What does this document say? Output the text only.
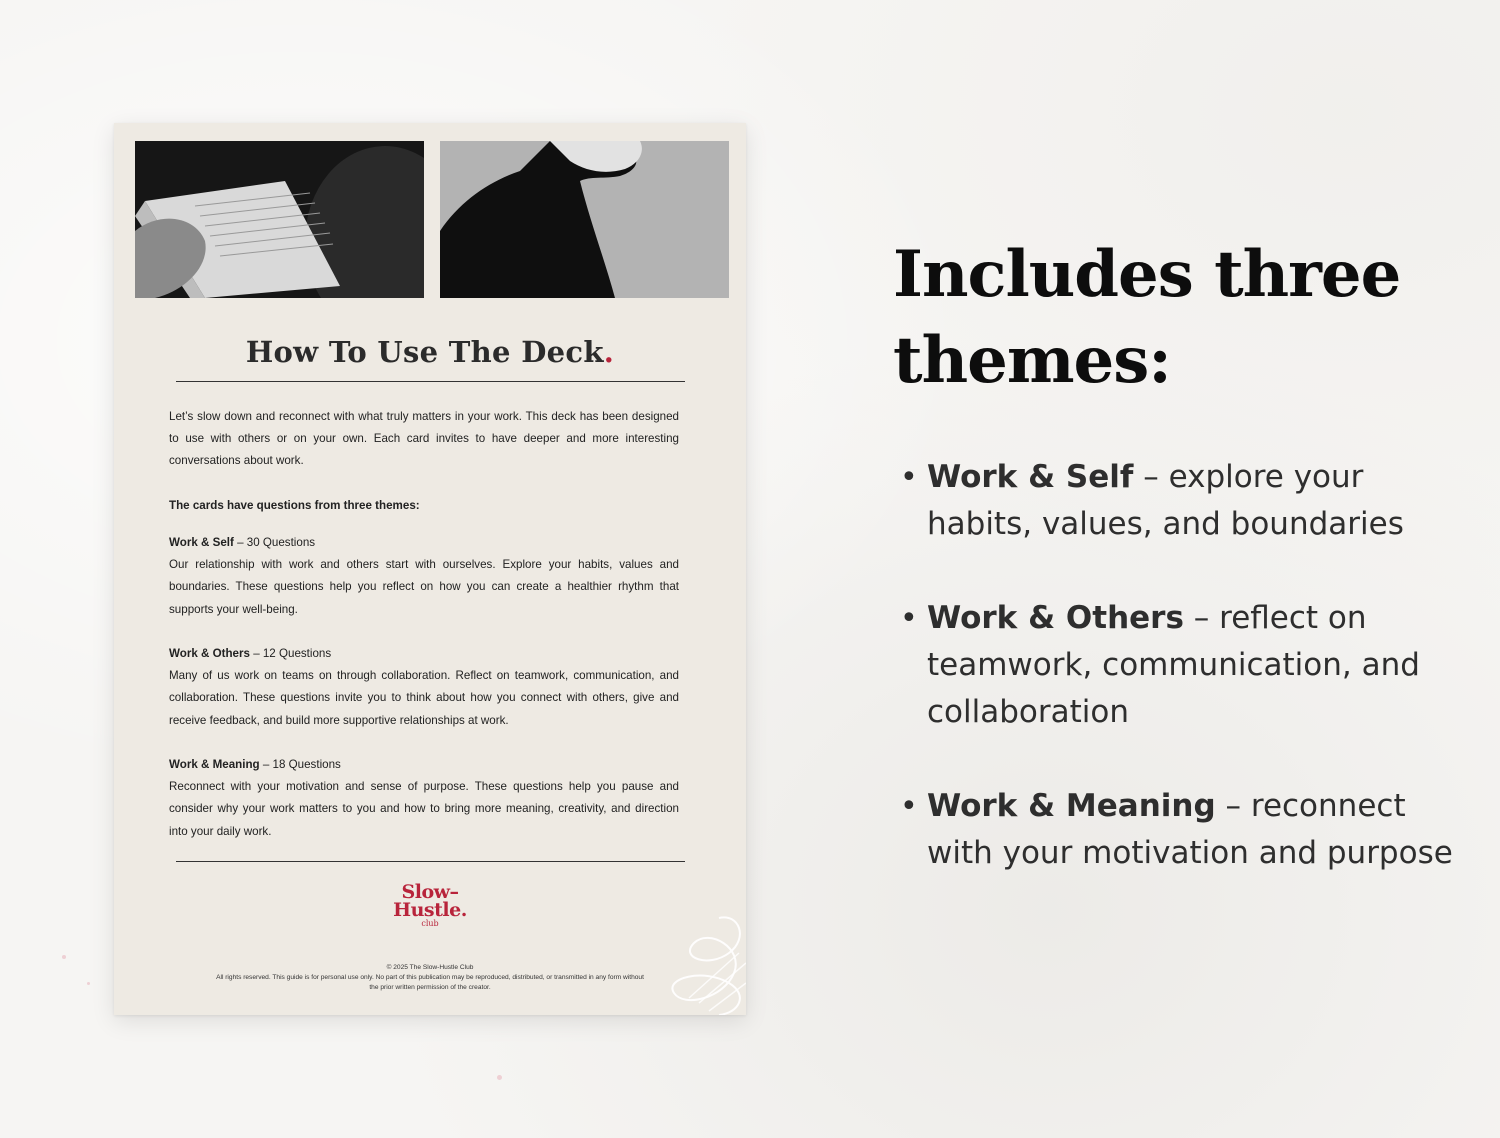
How To Use The Deck.
Let’s slow down and reconnect with what truly matters in your work. This deck has been designed to use with others or on your own. Each card invites to have deeper and more interesting conversations about work.
The cards have questions from three themes:
Work & Self – 30 Questions
Our relationship with work and others start with ourselves. Explore your habits, values and boundaries. These questions help you reflect on how you can create a healthier rhythm that supports your well-being.
Work & Others – 12 Questions
Many of us work on teams on through collaboration. Reflect on teamwork, communication, and collaboration. These questions invite you to think about how you connect with others, give and receive feedback, and build more supportive relationships at work.
Work & Meaning – 18 Questions
Reconnect with your motivation and sense of purpose. These questions help you pause and consider why your work matters to you and how to bring more meaning, creativity, and direction into your daily work.
Slow–
Hustle.
club
© 2025 The Slow-Hustle Club
All rights reserved. This guide is for personal use only. No part of this publication may be reproduced, distributed, or transmitted in any form without the prior written permission of the creator.
Includes three
themes:
• Work & Self – explore your habits, values, and boundaries
• Work & Others – reflect on teamwork, communication, and collaboration
• Work & Meaning – reconnect with your motivation and purpose
